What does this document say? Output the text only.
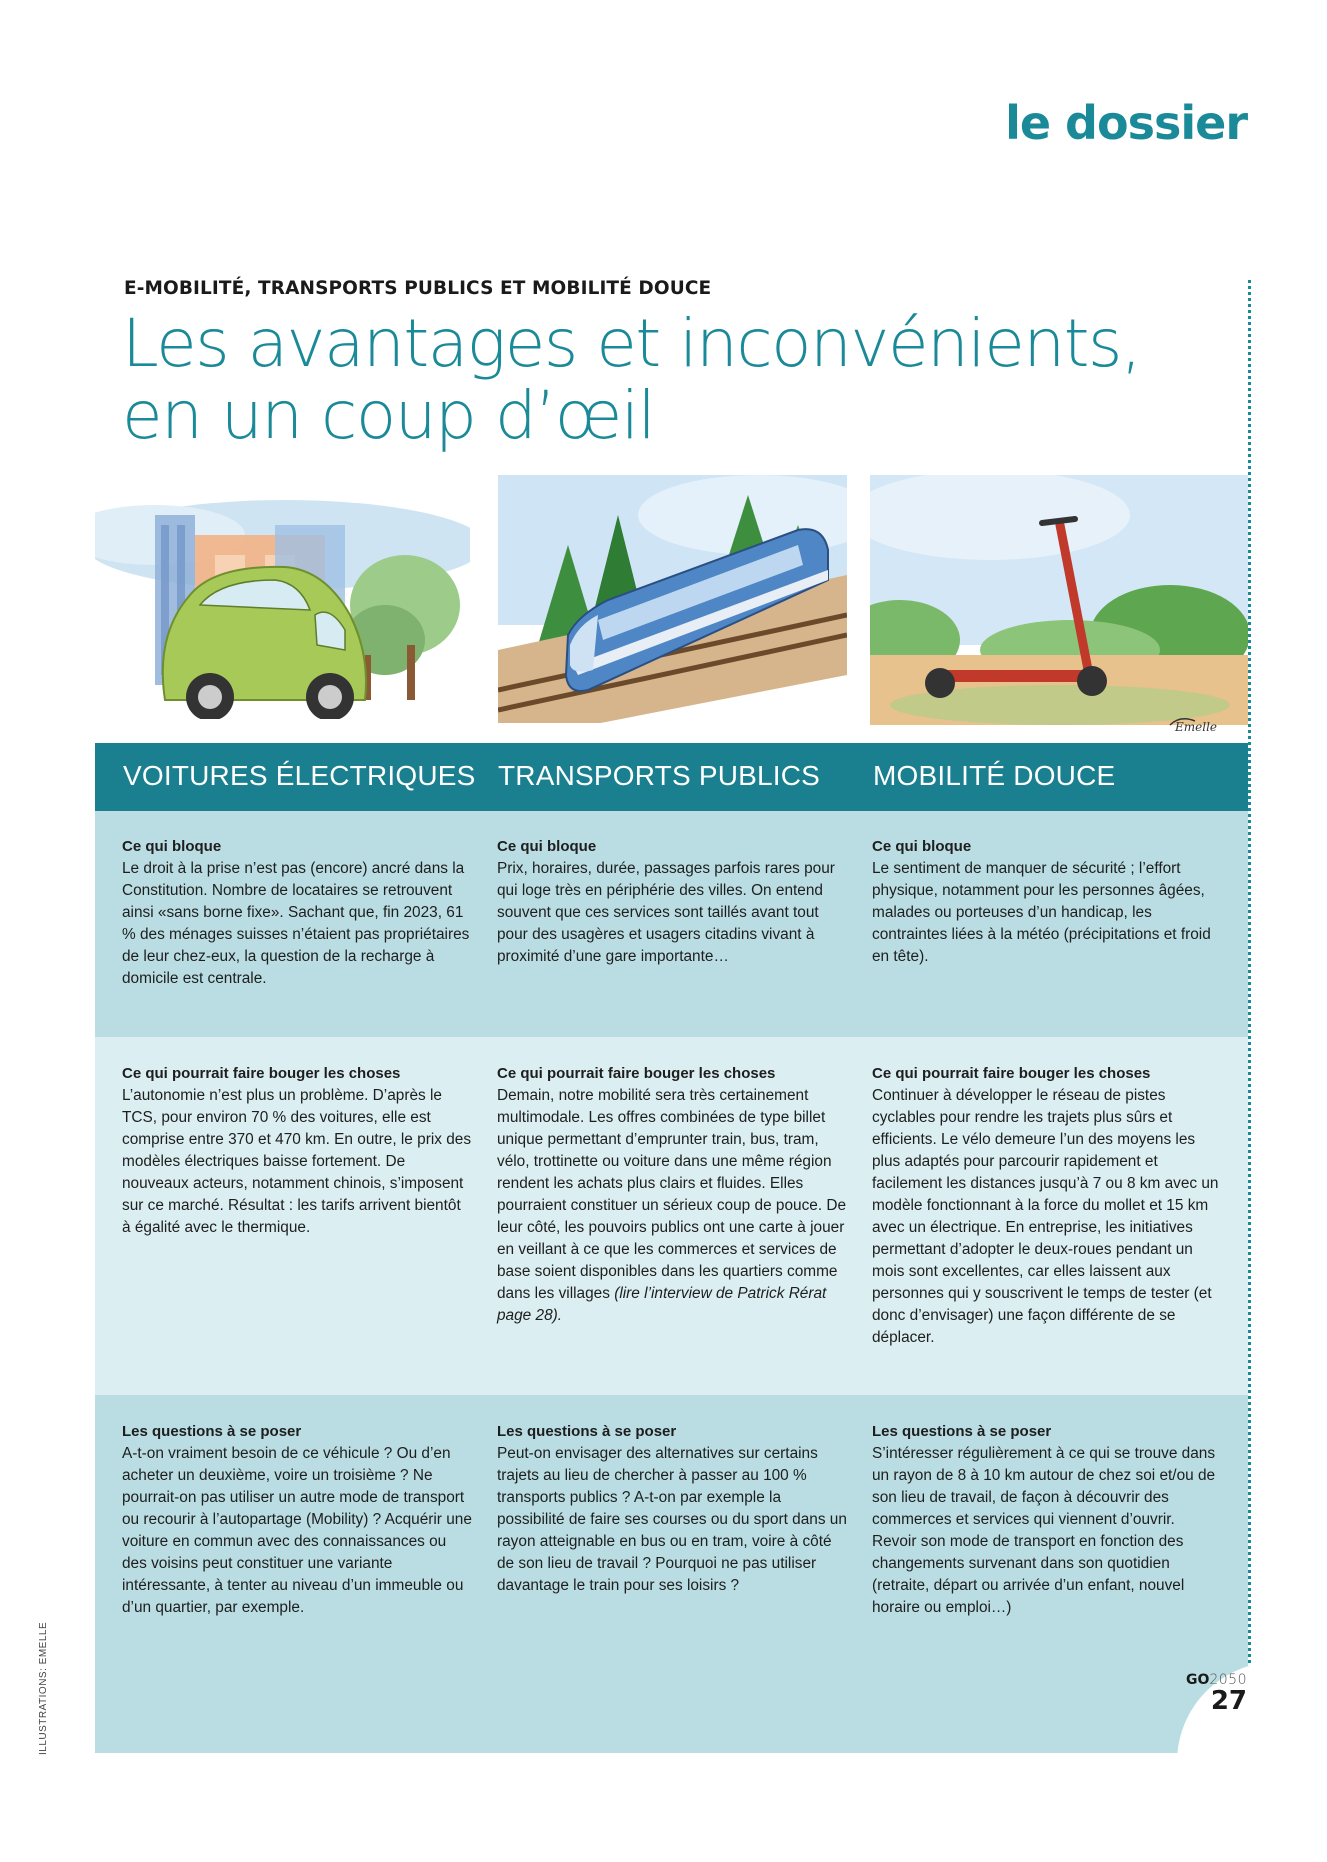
le dossier
E-MOBILITÉ, TRANSPORTS PUBLICS ET MOBILITÉ DOUCE
Les avantages et inconvénients,
en un coup d’œil
Emelle
VOITURES ÉLECTRIQUES TRANSPORTS PUBLICS MOBILITÉ DOUCE
Ce qui bloque

Le droit à la prise n’est pas (encore) ancré dans la Constitution. Nombre de locataires se retrouvent ainsi «sans borne fixe». Sachant que, fin 2023, 61 % des ménages suisses n’étaient pas propriétaires de leur chez-eux, la question de la recharge à domicile est centrale.

Ce qui bloque

Prix, horaires, durée, passages parfois rares pour qui loge très en périphérie des villes. On entend souvent que ces services sont taillés avant tout pour des usagères et usagers citadins vivant à proximité d’une gare importante…

Ce qui bloque

Le sentiment de manquer de sécurité ; l’effort physique, notamment pour les personnes âgées, malades ou porteuses d’un handicap, les contraintes liées à la météo (précipitations et froid en tête).

Ce qui pourrait faire bouger les choses

L’autonomie n’est plus un problème. D’après le TCS, pour environ 70 % des voitures, elle est comprise entre 370 et 470 km. En outre, le prix des modèles électriques baisse fortement. De nouveaux acteurs, notamment chinois, s’imposent sur ce marché. Résultat : les tarifs arrivent bientôt à égalité avec le thermique.

Ce qui pourrait faire bouger les choses

Demain, notre mobilité sera très certainement multimodale. Les offres combinées de type billet unique permettant d’emprunter train, bus, tram, vélo, trottinette ou voiture dans une même région rendent les achats plus clairs et fluides. Elles pourraient constituer un sérieux coup de pouce. De leur côté, les pouvoirs publics ont une carte à jouer en veillant à ce que les commerces et services de base soient disponibles dans les quartiers comme dans les villages (lire l’interview de Patrick Rérat page 28).

Ce qui pourrait faire bouger les choses

Continuer à développer le réseau de pistes cyclables pour rendre les trajets plus sûrs et efficients. Le vélo demeure l’un des moyens les plus adaptés pour parcourir rapidement et facilement les distances jusqu’à 7 ou 8 km avec un modèle fonctionnant à la force du mollet et 15 km avec un électrique. En entreprise, les initiatives permettant d’adopter le deux-roues pendant un mois sont excellentes, car elles laissent aux personnes qui y souscrivent le temps de tester (et donc d’envisager) une façon différente de se déplacer.

Les questions à se poser

A-t-on vraiment besoin de ce véhicule ? Ou d’en acheter un deuxième, voire un troisième ? Ne pourrait-on pas utiliser un autre mode de transport ou recourir à l’autopartage (Mobility) ? Acquérir une voiture en commun avec des connaissances ou des voisins peut constituer une variante intéressante, à tenter au niveau d’un immeuble ou d’un quartier, par exemple.

Les questions à se poser

Peut-on envisager des alternatives sur certains trajets au lieu de chercher à passer au 100 % transports publics ? A-t-on par exemple la possibilité de faire ses courses ou du sport dans un rayon atteignable en bus ou en tram, voire à côté de son lieu de travail ? Pourquoi ne pas utiliser davantage le train pour ses loisirs ?

Les questions à se poser

S’intéresser régulièrement à ce qui se trouve dans un rayon de 8 à 10 km autour de chez soi et/ou de son lieu de travail, de façon à découvrir des commerces et services qui viennent d’ouvrir. Revoir son mode de transport en fonction des changements survenant dans son quotidien (retraite, départ ou arrivée d’un enfant, nouvel horaire ou emploi…)

GO2050
27
ILLUSTRATIONS: EMELLE
